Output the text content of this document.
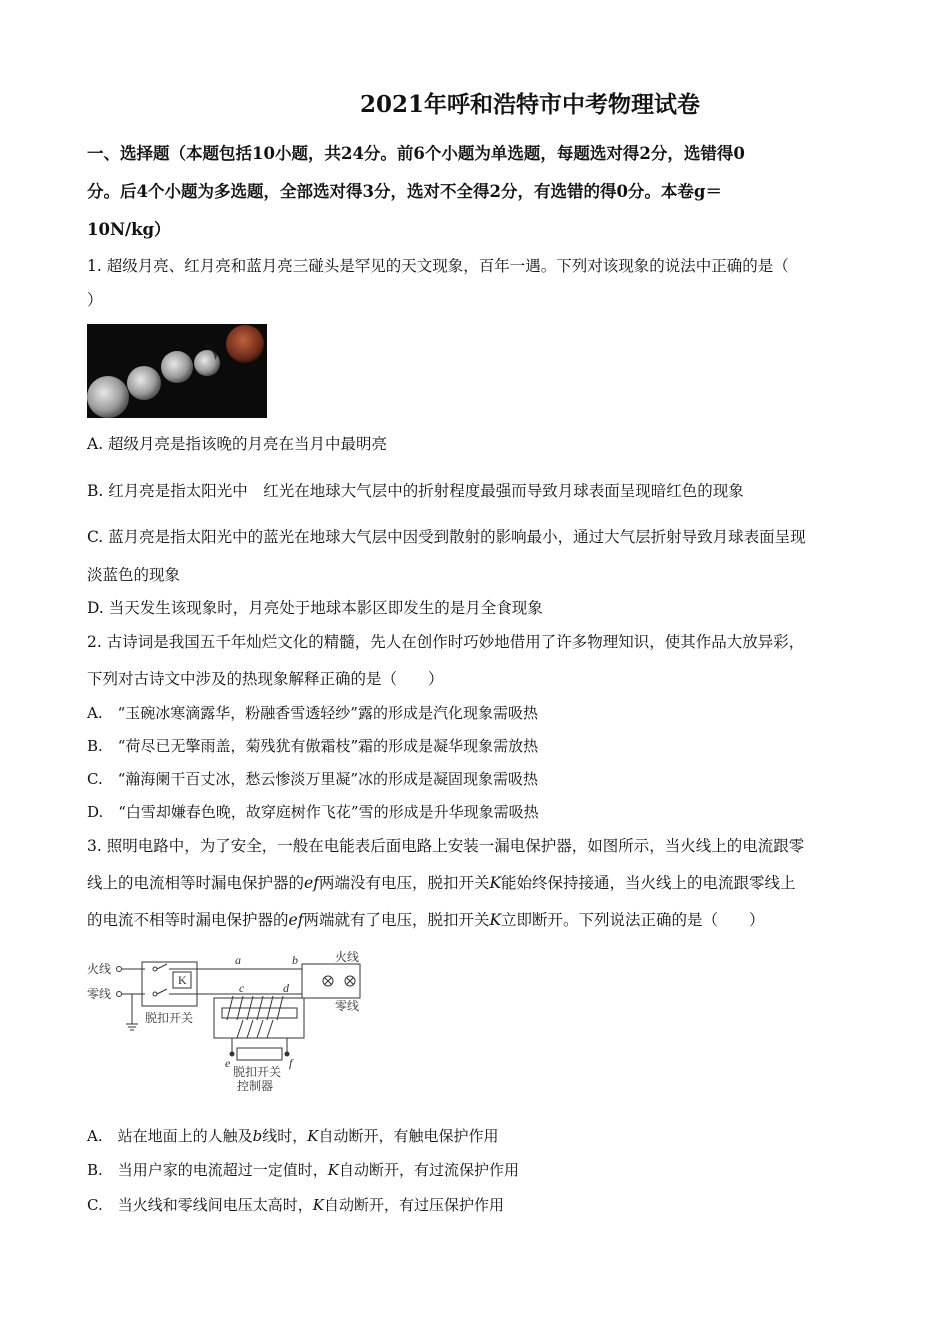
2021年呼和浩特市中考物理试卷
一、选择题（本题包括10小题，共24分。前6个小题为单选题，每题选对得2分，选错得0
分。后4个小题为多选题，全部选对得3分，选对不全得2分，有选错的得0分。本卷g＝
10N/kg）
1. 超级月亮、红月亮和蓝月亮三碰头是罕见的天文现象，百年一遇。下列对该现象的说法中正确的是（
）
A. 超级月亮是指该晚的月亮在当月中最明亮
B. 红月亮是指太阳光中　红光在地球大气层中的折射程度最强而导致月球表面呈现暗红色的现象
C. 蓝月亮是指太阳光中的蓝光在地球大气层中因受到散射的影响最小，通过大气层折射导致月球表面呈现
淡蓝色的现象
D. 当天发生该现象时，月亮处于地球本影区即发生的是月全食现象
2. 古诗词是我国五千年灿烂文化的精髓，先人在创作时巧妙地借用了许多物理知识，使其作品大放异彩，
下列对古诗文中涉及的热现象解释正确的是（　　）
A.　“玉碗冰寒滴露华，粉融香雪透轻纱”露的形成是汽化现象需吸热
B.　“荷尽已无擎雨盖，菊残犹有傲霜枝”霜的形成是凝华现象需放热
C.　“瀚海阑干百丈冰，愁云惨淡万里凝”冰的形成是凝固现象需吸热
D.　“白雪却嫌春色晚，故穿庭树作飞花”雪的形成是升华现象需吸热
3. 照明电路中，为了安全，一般在电能表后面电路上安装一漏电保护器，如图所示，当火线上的电流跟零
线上的电流相等时漏电保护器的ef两端没有电压，脱扣开关K能始终保持接通，当火线上的电流跟零线上
的电流不相等时漏电保护器的ef两端就有了电压，脱扣开关K立即断开。下列说法正确的是（　　）
火线
零线
K
脱扣开关
a	b
c	d
e	f
脱扣开关
控制器
火线
零线
A.　站在地面上的人触及b线时，K自动断开，有触电保护作用
B.　当用户家的电流超过一定值时，K自动断开，有过流保护作用
C.　当火线和零线间电压太高时，K自动断开，有过压保护作用
